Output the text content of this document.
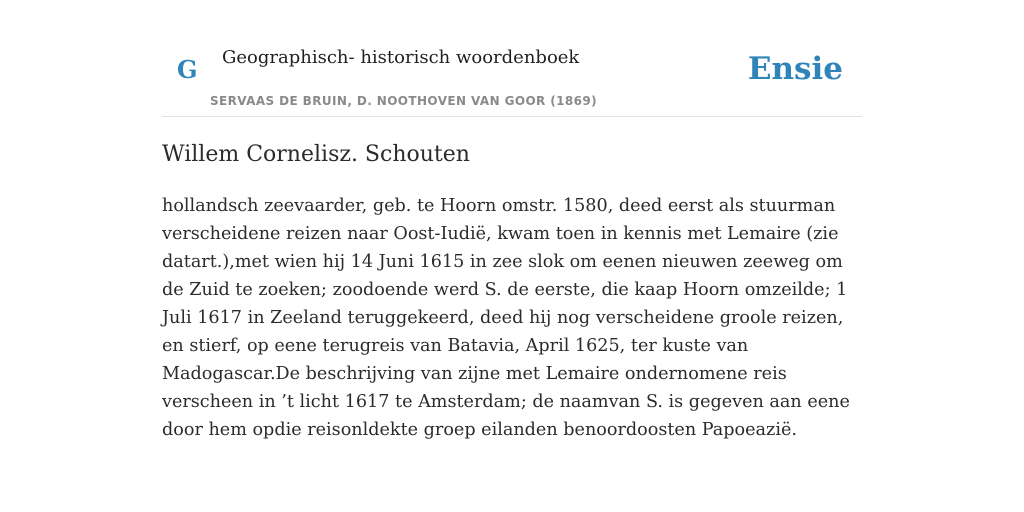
G Geographisch- historisch woordenboek
SERVAAS DE BRUIN, D. NOOTHOVEN VAN GOOR (1869)
Ensie
Willem Cornelisz. Schouten

hollandsch zeevaarder, geb. te Hoorn omstr. 1580, deed eerst als stuurman verscheidene reizen naar Oost-Iudië, kwam toen in kennis met Lemaire (zie datart.),met wien hij 14 Juni 1615 in zee slok om eenen nieuwen zeeweg om de Zuid te zoeken; zoodoende werd S. de eerste, die kaap Hoorn omzeilde; 1 Juli 1617 in Zeeland teruggekeerd, deed hij nog verscheidene groole reizen, en stierf, op eene terugreis van Batavia, April 1625, ter kuste van Madogascar.De beschrijving van zijne met Lemaire ondernomene reis verscheen in ’t licht 1617 te Amsterdam; de naamvan S. is gegeven aan eene door hem opdie reisonldekte groep eilanden benoordoosten Papoeazië.
